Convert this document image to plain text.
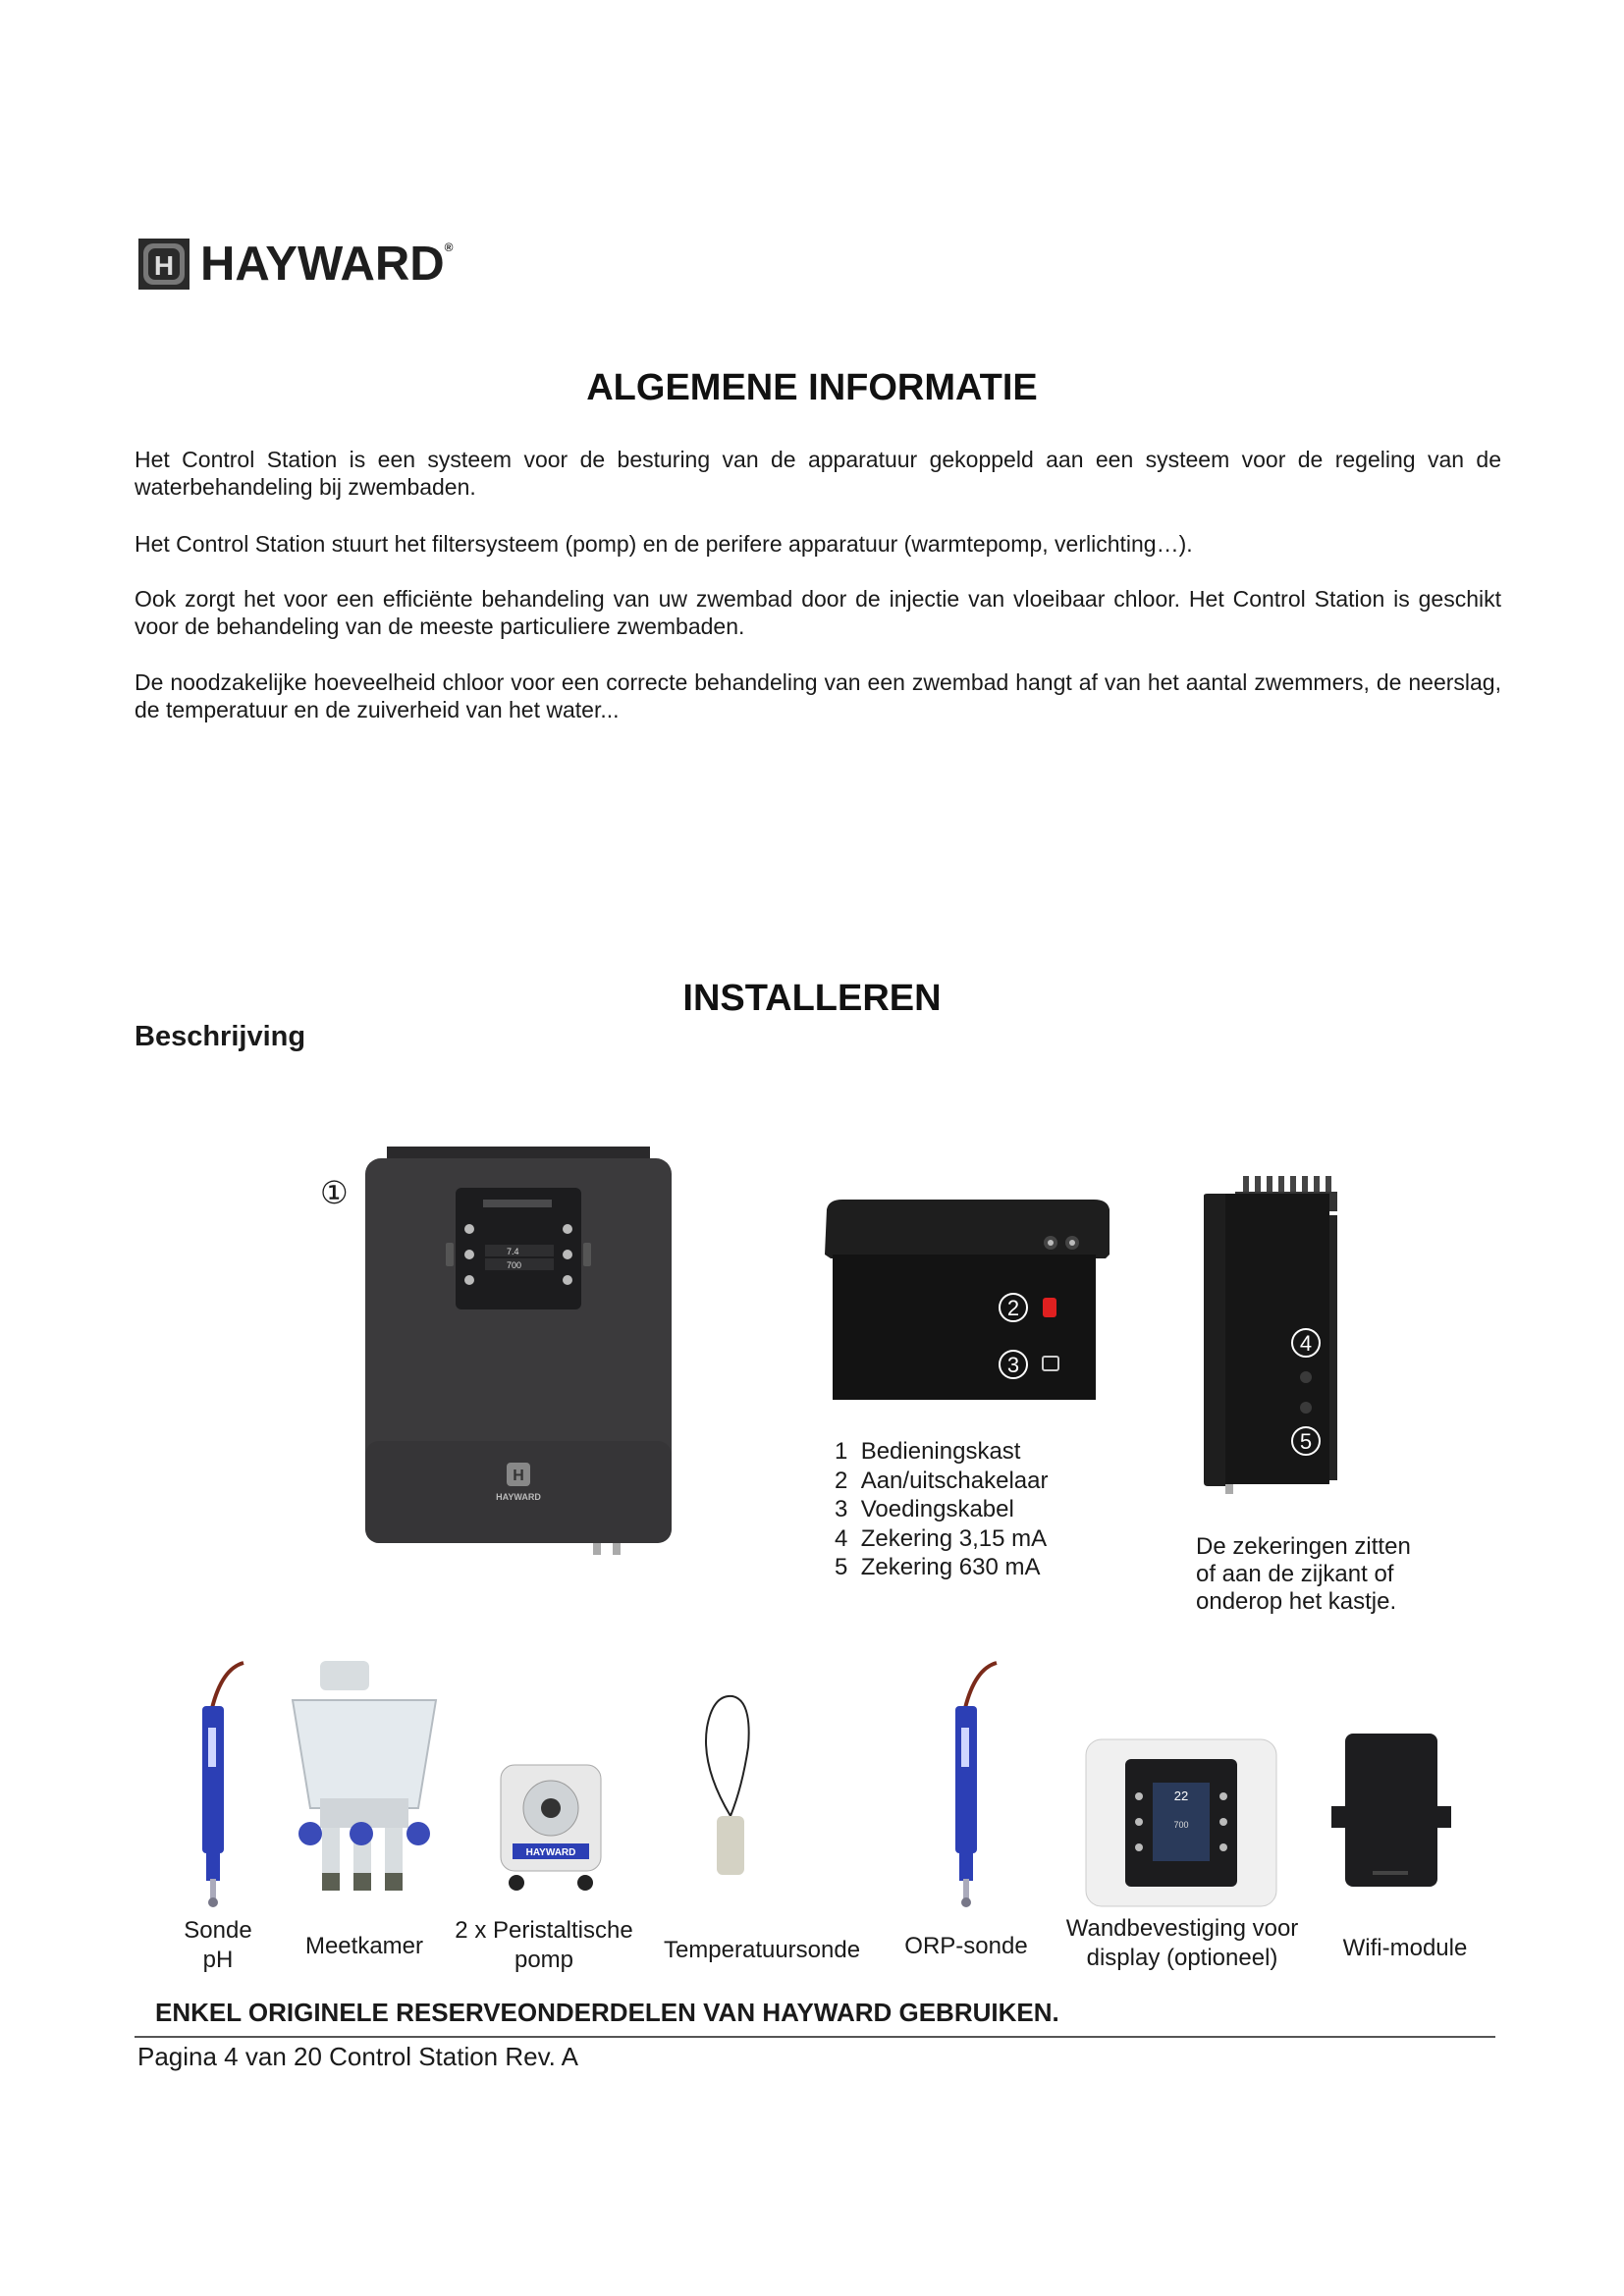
H HAYWARD®
ALGEMENE INFORMATIE

Het Control Station is een systeem voor de besturing van de apparatuur gekoppeld aan een systeem voor de regeling van de waterbehandeling bij zwembaden.

Het Control Station stuurt het filtersysteem (pomp) en de perifere apparatuur (warmtepomp, verlichting…).

Ook zorgt het voor een efficiënte behandeling van uw zwembad door de injectie van vloeibaar chloor. Het Control Station is geschikt voor de behandeling van de meeste particuliere zwembaden.

De noodzakelijke hoeveelheid chloor voor een correcte behandeling van een zwembad hangt af van het aantal zwemmers, de neerslag, de temperatuur en de zuiverheid van het water...

INSTALLEREN

Beschrijving

①
7.4
700
H
HAYWARD
2
3
4
5
1 Bedieningskast
2 Aan/uitschakelaar
3 Voedingskabel
4 Zekering 3,15 mA
5 Zekering 630 mA
De zekeringen zitten
of aan de zijkant of
onderop het kastje.
HAYWARD
22
700
Sonde
pH
Meetkamer
2 x Peristaltische
pomp	Temperatuursonde	ORP-sonde
Wandbevestiging voor
display (optioneel)	Wifi-module

ENKEL ORIGINELE RESERVEONDERDELEN VAN HAYWARD GEBRUIKEN.

Pagina 4 van 20 Control Station Rev. A
